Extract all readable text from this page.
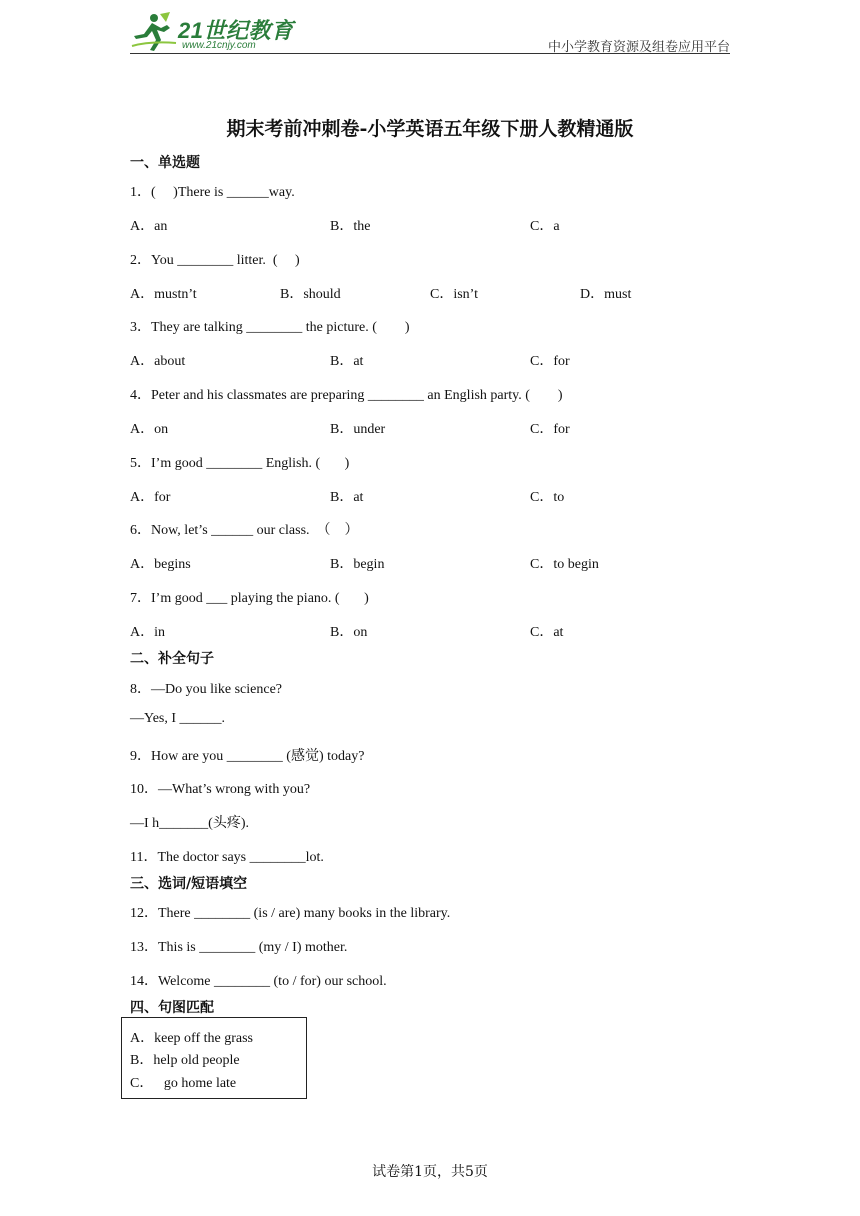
21世纪教育
www.21cnjy.com	中小学教育资源及组卷应用平台
期末考前冲刺卷-小学英语五年级下册人教精通版
一、单选题
1．(     )There is ______way.
A．an	B．the	C．a
2．You ________ litter.  (     )
A．mustn’t	B．should	C．isn’t	D．must
3．They are talking ________ the picture. (        )
A．about	B．at	C．for
4．Peter and his classmates are preparing ________ an English party. (        )
A．on	B．under	C．for
5．I’m good ________ English. (       )
A．for	B．at	C．to
6．Now, let’s ______ our class.  （    ）
A．begins	B．begin	C．to begin
7．I’m good ___ playing the piano. (       )
A．in	B．on	C．at
二、补全句子
8．—Do you like science?
—Yes, I ______.
9．How are you ________ (感觉) today?
10．—What’s wrong with you?
—I h_______(头疼).
11．The doctor says ________lot.
三、选词/短语填空
12．There ________ (is / are) many books in the library.
13．This is ________ (my / I) mother.
14．Welcome ________ (to / for) our school.
四、句图匹配
A．keep off the grass
B．help old people
C．   go home late
试卷第1页，共5页
